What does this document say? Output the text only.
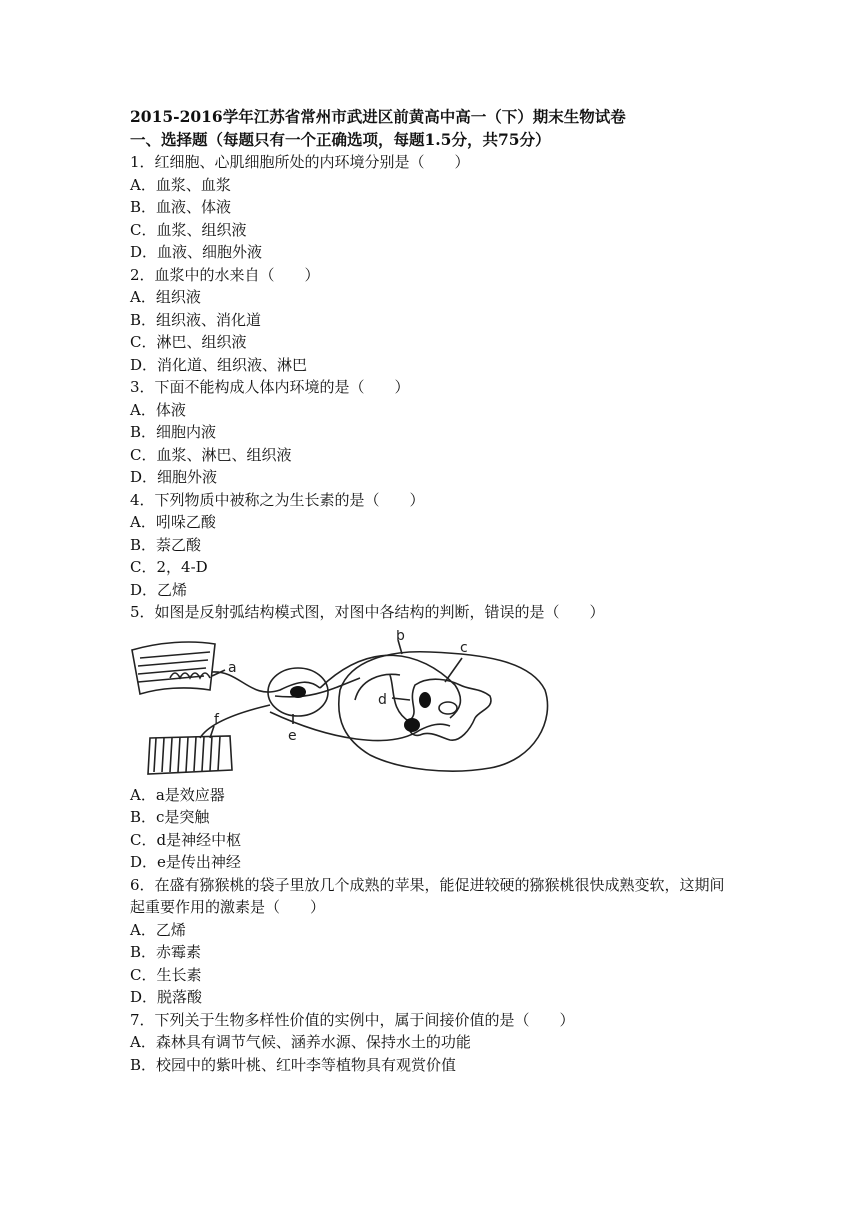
2015-2016学年江苏省常州市武进区前黄高中高一（下）期末生物试卷
一、选择题（每题只有一个正确选项，每题1.5分，共75分）
1．红细胞、心肌细胞所处的内环境分别是（　　）
A．血浆、血浆
B．血液、体液
C．血浆、组织液
D．血液、细胞外液
2．血浆中的水来自（　　）
A．组织液
B．组织液、消化道
C．淋巴、组织液
D．消化道、组织液、淋巴
3．下面不能构成人体内环境的是（　　）
A．体液
B．细胞内液
C．血浆、淋巴、组织液
D．细胞外液
4．下列物质中被称之为生长素的是（　　）
A．吲哚乙酸
B．萘乙酸
C．2，4-D
D．乙烯
5．如图是反射弧结构模式图，对图中各结构的判断，错误的是（　　）
a
b
c
d
e
f
A．a是效应器
B．c是突触
C．d是神经中枢
D．e是传出神经
6．在盛有猕猴桃的袋子里放几个成熟的苹果，能促进较硬的猕猴桃很快成熟变软，这期间起重要作用的激素是（　　）
A．乙烯
B．赤霉素
C．生长素
D．脱落酸
7．下列关于生物多样性价值的实例中，属于间接价值的是（　　）
A．森林具有调节气候、涵养水源、保持水土的功能
B．校园中的紫叶桃、红叶李等植物具有观赏价值
